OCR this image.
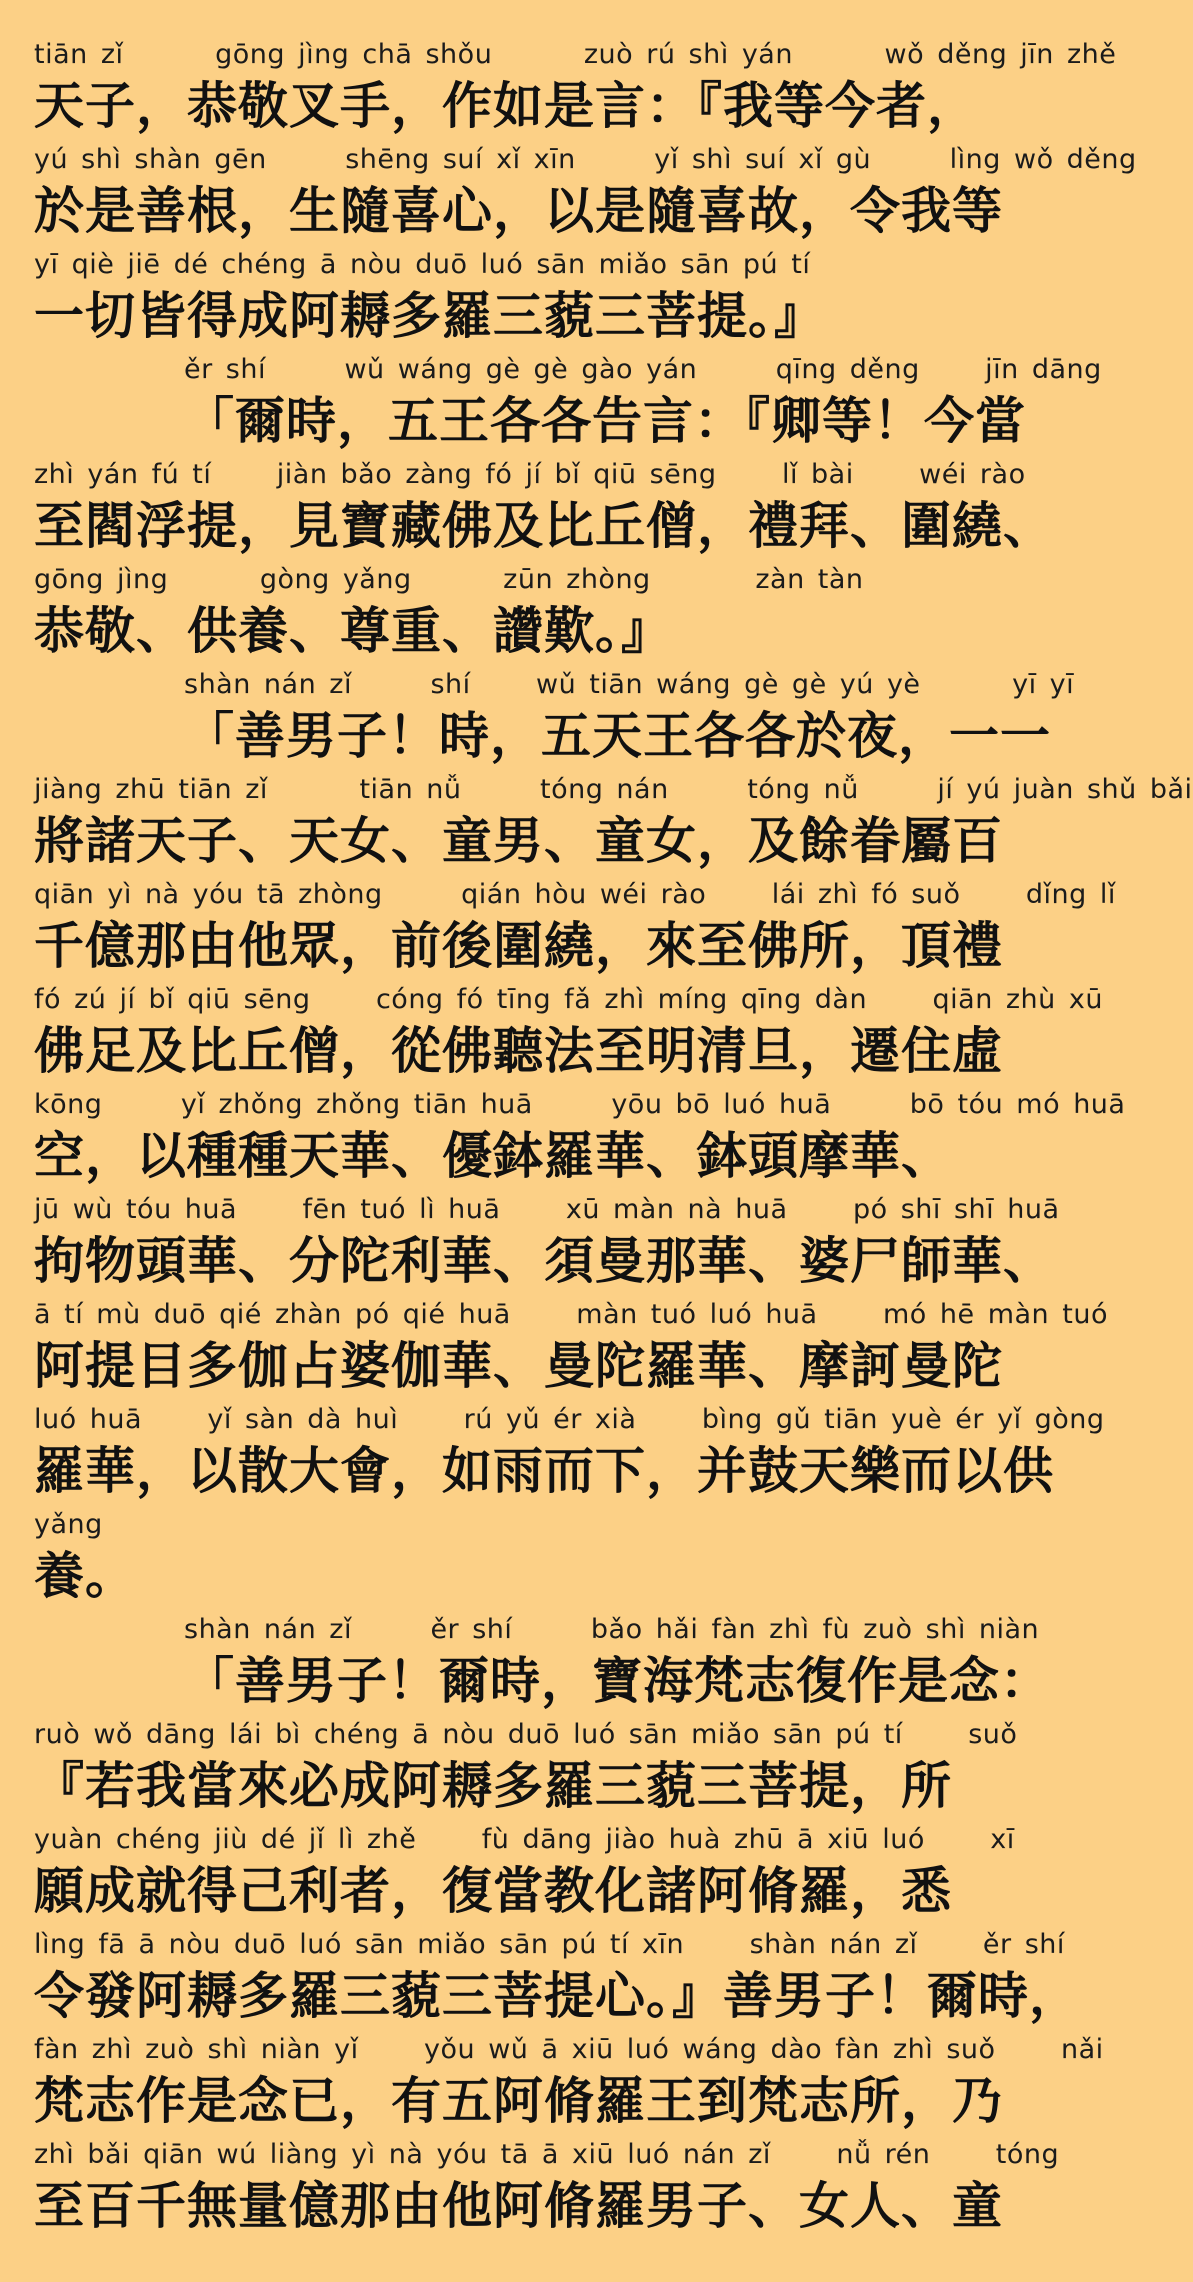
tiān zǐ       gōng jìng chā shǒu       zuò rú shì yán       wǒ děng jīn zhě
天子，恭敬叉手，作如是言：『我等今者，
yú shì shàn gēn      shēng suí xǐ xīn      yǐ shì suí xǐ gù      lìng wǒ děng
於是善根，生隨喜心，以是隨喜故，令我等
yī qiè jiē dé chéng ā nòu duō luó sān miǎo sān pú tí
一切皆得成阿耨多羅三藐三菩提。』
ěr shí      wǔ wáng gè gè gào yán      qīng děng     jīn dāng
「爾時，五王各各告言：『卿等！今當
zhì yán fú tí     jiàn bǎo zàng fó jí bǐ qiū sēng     lǐ bài     wéi rào
至閻浮提，見寶藏佛及比丘僧，禮拜、圍繞、
gōng jìng       gòng yǎng       zūn zhòng        zàn tàn
恭敬、供養、尊重、讚歎。』
shàn nán zǐ      shí     wǔ tiān wáng gè gè yú yè       yī yī
「善男子！時，五天王各各於夜，一一
jiàng zhū tiān zǐ       tiān nǚ      tóng nán      tóng nǚ      jí yú juàn shǔ bǎi
將諸天子、天女、童男、童女，及餘眷屬百
qiān yì nà yóu tā zhòng      qián hòu wéi rào     lái zhì fó suǒ     dǐng lǐ
千億那由他眾，前後圍繞，來至佛所，頂禮
fó zú jí bǐ qiū sēng     cóng fó tīng fǎ zhì míng qīng dàn     qiān zhù xū
佛足及比丘僧，從佛聽法至明清旦，遷住虛
kōng      yǐ zhǒng zhǒng tiān huā      yōu bō luó huā      bō tóu mó huā
空，以種種天華、優鉢羅華、鉢頭摩華、
jū wù tóu huā     fēn tuó lì huā     xū màn nà huā     pó shī shī huā
拘物頭華、分陀利華、須曼那華、婆尸師華、
ā tí mù duō qié zhàn pó qié huā     màn tuó luó huā     mó hē màn tuó
阿提目多伽占婆伽華、曼陀羅華、摩訶曼陀
luó huā     yǐ sàn dà huì     rú yǔ ér xià     bìng gǔ tiān yuè ér yǐ gòng
羅華，以散大會，如雨而下，并鼓天樂而以供
yǎng
養。
shàn nán zǐ      ěr shí      bǎo hǎi fàn zhì fù zuò shì niàn
「善男子！爾時，寶海梵志復作是念：
ruò wǒ dāng lái bì chéng ā nòu duō luó sān miǎo sān pú tí     suǒ
『若我當來必成阿耨多羅三藐三菩提，所
yuàn chéng jiù dé jǐ lì zhě     fù dāng jiào huà zhū ā xiū luó     xī
願成就得己利者，復當教化諸阿脩羅，悉
lìng fā ā nòu duō luó sān miǎo sān pú tí xīn     shàn nán zǐ     ěr shí
令發阿耨多羅三藐三菩提心。』善男子！爾時，
fàn zhì zuò shì niàn yǐ     yǒu wǔ ā xiū luó wáng dào fàn zhì suǒ     nǎi
梵志作是念已，有五阿脩羅王到梵志所，乃
zhì bǎi qiān wú liàng yì nà yóu tā ā xiū luó nán zǐ     nǚ rén     tóng
至百千無量億那由他阿脩羅男子、女人、童
